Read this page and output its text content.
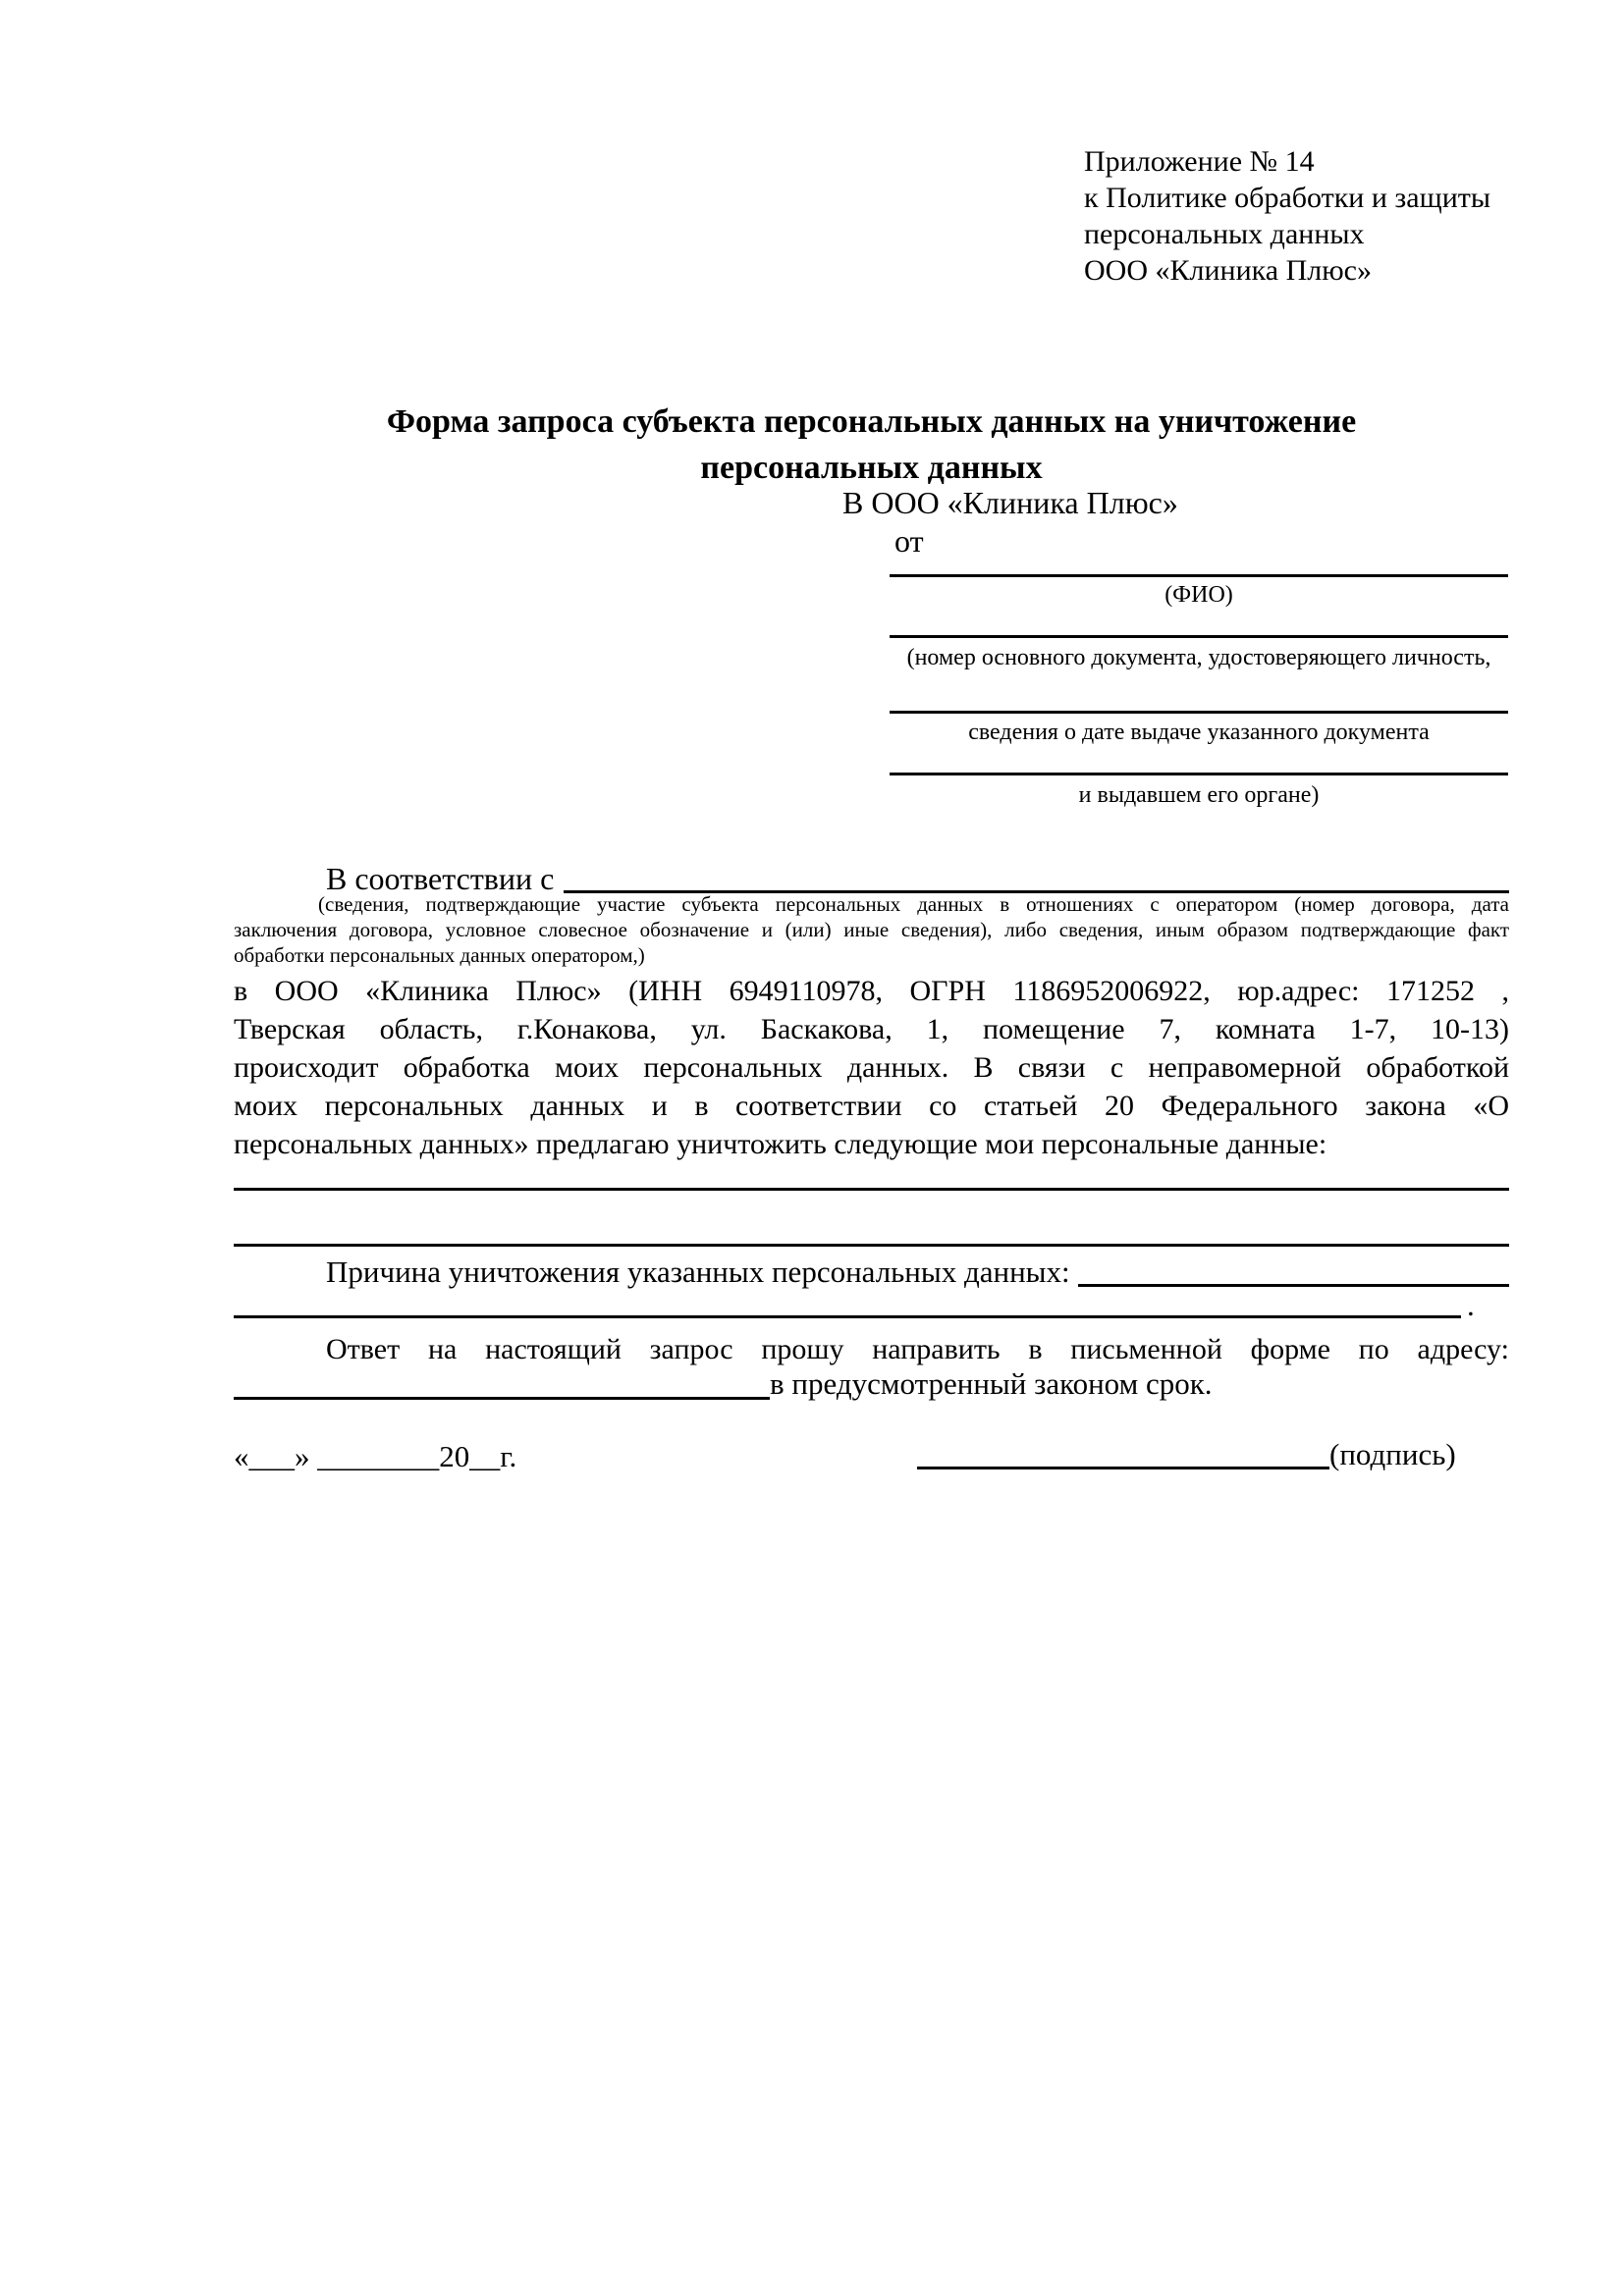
Приложение № 14
к Политике обработки и защиты
персональных данных
ООО «Клиника Плюс»
Форма запроса субъекта персональных данных на уничтожение
персональных данных
В ООО «Клиника Плюс»
от
(ФИО)
(номер основного документа, удостоверяющего личность,
сведения о дате выдаче указанного документа
и выдавшем его органе)
В соответствии с
(сведения, подтверждающие участие субъекта персональных данных в отношениях с оператором (номер договора, дата
заключения договора, условное словесное обозначение и (или) иные сведения), либо сведения, иным образом подтверждающие факт
обработки персональных данных оператором,)
в ООО «Клиника Плюс» (ИНН 6949110978, ОГРН 1186952006922, юр.адрес: 171252 ,
Тверская область, г.Конакова, ул. Баскакова, 1, помещение 7, комната 1-7, 10-13)
происходит обработка моих персональных данных. В связи с неправомерной обработкой
моих персональных данных и в соответствии со статьей 20 Федерального закона «О
персональных данных» предлагаю уничтожить следующие мои персональные данные:
Причина уничтожения указанных персональных данных:
.
Ответ на настоящий запрос прошу направить в письменной форме по адресу:
в предусмотренный законом срок.
«___» ________20__г.	(подпись)
